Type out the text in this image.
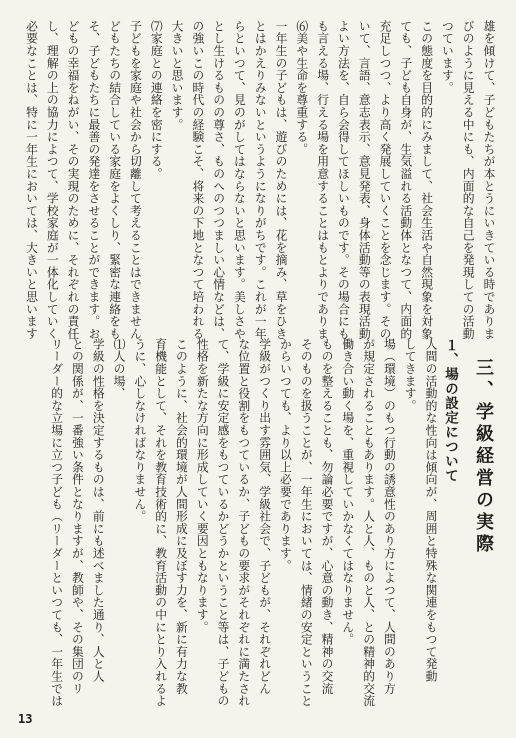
雄を傾けて、子どもたちが本とうにいきている時でありま
びのように見える中にも、内面的な自己を発現しての活動
つています。
この態度を目的的にみまして、社会生活や自然現象を対象
ても、子ども自身が、生気溢れる活動体となつて、内面的
充足しつつ、より高く発展していくことを念じます。その
いて、言語、意志表示、意見発表、身体活動等の表現活動
よい方法を、自ら会得してほしいものです。その場合にも
も言える場、行える場を用意することはもとよりでありま
⑹美や生命を尊重する。
一年生の子どもは、遊びのためには、花を摘み、草をひき
とはかえりみないというようになりがちです。これが一年
らといつて、見のがしてはならないと思います。美しさや
とし生けるものの尊さ、ものへのつつましい心情などは、
の強いこの時代の経験こそ、将来の下地となつて培われる
大きいと思います。
⑺家庭との連絡を密にする。
子どもを家庭や社会から切離して考えることはできません
どもたちの結合している家庭をよくしり、緊密な連絡をも
そ、子どもたちに最善の発達をさせることができます。お
どもの幸福をねがい、その実現のために、それぞれの責任
し、理解の上の協力によつて、学校家庭が一体化していく
必要なことは、特に一年生においては、大きいと思います
三、学級経営の実際
１、場の設定について
人間の活動的な性向は傾向が、周囲と特殊な関連をもつて発動
してきます。
場（環境）のもつ行動の誘意性のあり方によつて、人間のあり方
が規定されることもあります。人と人、ものと人、との精神的交流
働き合い動く場を、重視していかなくてはなりません。
ものを整えることも、勿論必要ですが、心意の動き、精神の交流
そのものを扱うことが、一年生においては、情緒の安定ということ
からいつても、より以上必要であります。
学級がつくり出す雰囲気、学級社会で、子どもが、それぞれどん
な位置と役割をもつているか、子どもの要求がそれぞれに満たされ
て、学級に安定感をもつているかどうかということ等は、子どもの
性格を新たな方向に形成していく要因ともなります。
このように、社会的環境が人間形成に及ぼす力を、新に有力な教
育機能として、それを教育技術的に、教育活動の中にとり入れるよ
うに、心しなければなりません。
⑴人の場、
学級の性格を決定するものは、前にも述べました通り、人と人
との関係が、一番強い条件となりますが、教師や、その集団のリ
リーダー的な立場に立つ子ども（リーダーといつても、一年生では
13
